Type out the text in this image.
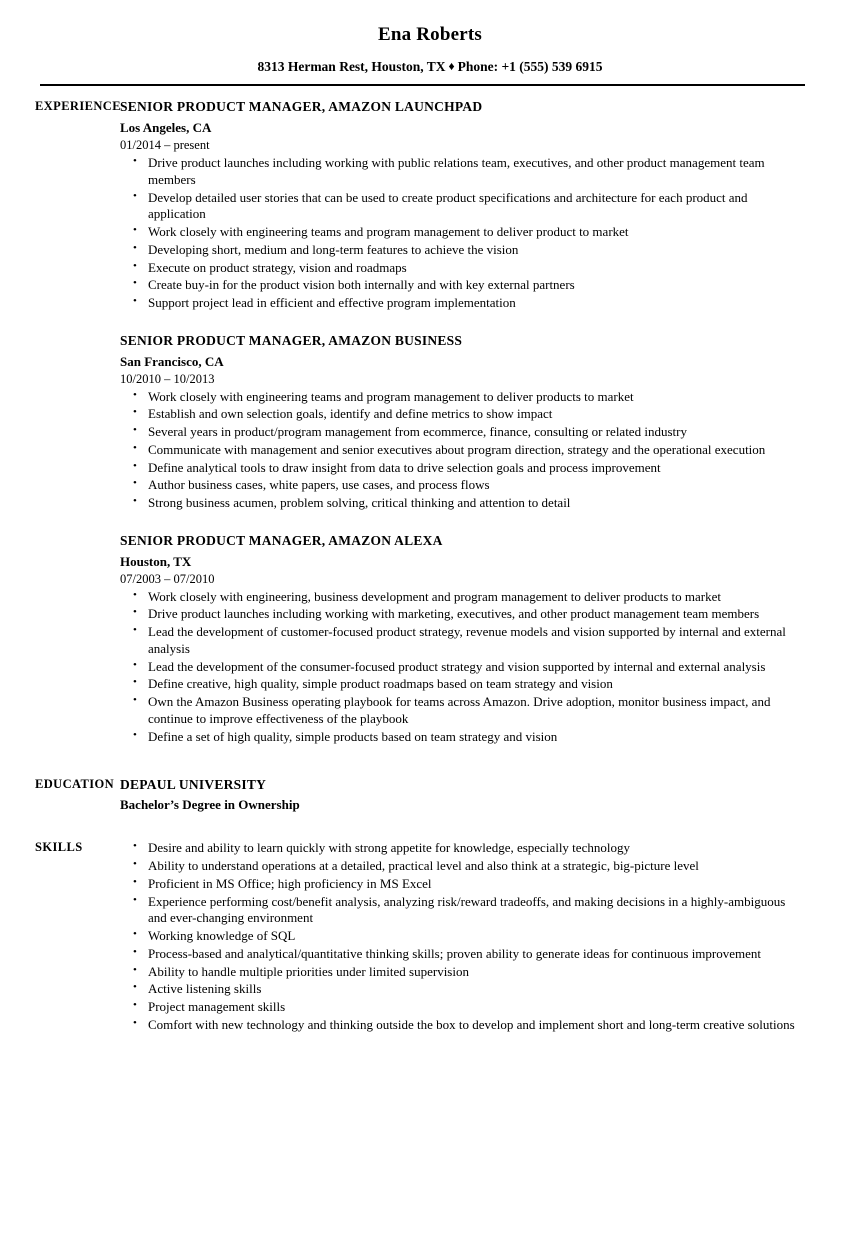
Ena Roberts
8313 Herman Rest, Houston, TX ♦ Phone: +1 (555) 539 6915
EXPERIENCE SENIOR PRODUCT MANAGER, AMAZON LAUNCHPAD
Los Angeles, CA
01/2014 – present
• Drive product launches including working with public relations team, executives, and other product management team members
• Develop detailed user stories that can be used to create product specifications and architecture for each product and application
• Work closely with engineering teams and program management to deliver product to market
• Developing short, medium and long-term features to achieve the vision
• Execute on product strategy, vision and roadmaps
• Create buy-in for the product vision both internally and with key external partners
• Support project lead in efficient and effective program implementation
SENIOR PRODUCT MANAGER, AMAZON BUSINESS
San Francisco, CA
10/2010 – 10/2013
• Work closely with engineering teams and program management to deliver products to market
• Establish and own selection goals, identify and define metrics to show impact
• Several years in product/program management from ecommerce, finance, consulting or related industry
• Communicate with management and senior executives about program direction, strategy and the operational execution
• Define analytical tools to draw insight from data to drive selection goals and process improvement
• Author business cases, white papers, use cases, and process flows
• Strong business acumen, problem solving, critical thinking and attention to detail
SENIOR PRODUCT MANAGER, AMAZON ALEXA
Houston, TX
07/2003 – 07/2010
• Work closely with engineering, business development and program management to deliver products to market
• Drive product launches including working with marketing, executives, and other product management team members
• Lead the development of customer-focused product strategy, revenue models and vision supported by internal and external analysis
• Lead the development of the consumer-focused product strategy and vision supported by internal and external analysis
• Define creative, high quality, simple product roadmaps based on team strategy and vision
• Own the Amazon Business operating playbook for teams across Amazon. Drive adoption, monitor business impact, and continue to improve effectiveness of the playbook
• Define a set of high quality, simple products based on team strategy and vision
EDUCATION DEPAUL UNIVERSITY
Bachelor’s Degree in Ownership
SKILLS	• Desire and ability to learn quickly with strong appetite for knowledge, especially technology
• Ability to understand operations at a detailed, practical level and also think at a strategic, big-picture level
• Proficient in MS Office; high proficiency in MS Excel
• Experience performing cost/benefit analysis, analyzing risk/reward tradeoffs, and making decisions in a highly-ambiguous and ever-changing environment
• Working knowledge of SQL
• Process-based and analytical/quantitative thinking skills; proven ability to generate ideas for continuous improvement
• Ability to handle multiple priorities under limited supervision
• Active listening skills
• Project management skills
• Comfort with new technology and thinking outside the box to develop and implement short and long-term creative solutions
